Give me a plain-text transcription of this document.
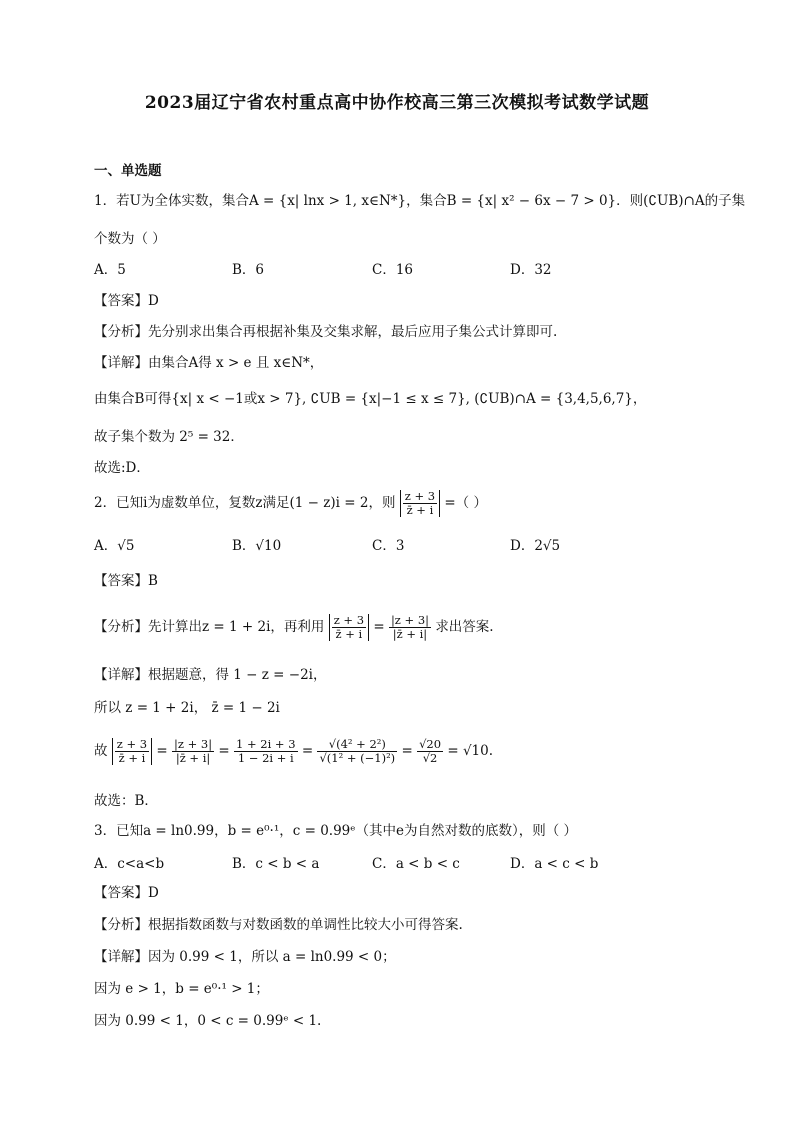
2023届辽宁省农村重点高中协作校高三第三次模拟考试数学试题
一、单选题
1．若U为全体实数，集合A = {x| lnx > 1, x∈N*}，集合B = {x| x² − 6x − 7 > 0}．则(∁UB)∩A的子集
个数为（ ）
A．5	B．6	C．16	D．32
【答案】D
【分析】先分别求出集合再根据补集及交集求解，最后应用子集公式计算即可.
【详解】由集合A得 x > e 且 x∈N*，
由集合B可得{x| x < −1或x > 7}, ∁UB = {x|−1 ≤ x ≤ 7}, (∁UB)∩A = {3,4,5,6,7}，
故子集个数为 2⁵ = 32．
故选:D．
2．已知i为虚数单位，复数z满足(1 − z)i = 2，则 $\frac{z + 3}{z̄ + i}$ =（ ）
A．√5	B．√10	C．3	D．2√5
【答案】B
【分析】先计算出z = 1 + 2i，再利用 $\frac{z + 3}{z̄ + i} = \frac{|z + 3|}{|z̄ + i|}$ 求出答案.
【详解】根据题意，得 1 − z = −2i，
所以 z = 1 + 2i， z̄ = 1 − 2i
故 $\frac{z + 3}{z̄ + i} = \frac{|z + 3|}{|z̄ + i|} = \frac{1 + 2i + 3}{1 - 2i + i} = \frac{\text{√(4² + 2²)}}{\text{√(1² + (−1)²)}} = \frac{√20}{√2} = √10$.
故选：B．
3．已知a = ln0.99，b = e⁰·¹，c = 0.99ᵉ（其中e为自然对数的底数），则（ ）
A．c<a<b	B．c < b < a	C．a < b < c	D．a < c < b
【答案】D
【分析】根据指数函数与对数函数的单调性比较大小可得答案.
【详解】因为 0.99 < 1，所以 a = ln0.99 < 0；
因为 e > 1，b = e⁰·¹ > 1；
因为 0.99 < 1，0 < c = 0.99ᵉ < 1.
